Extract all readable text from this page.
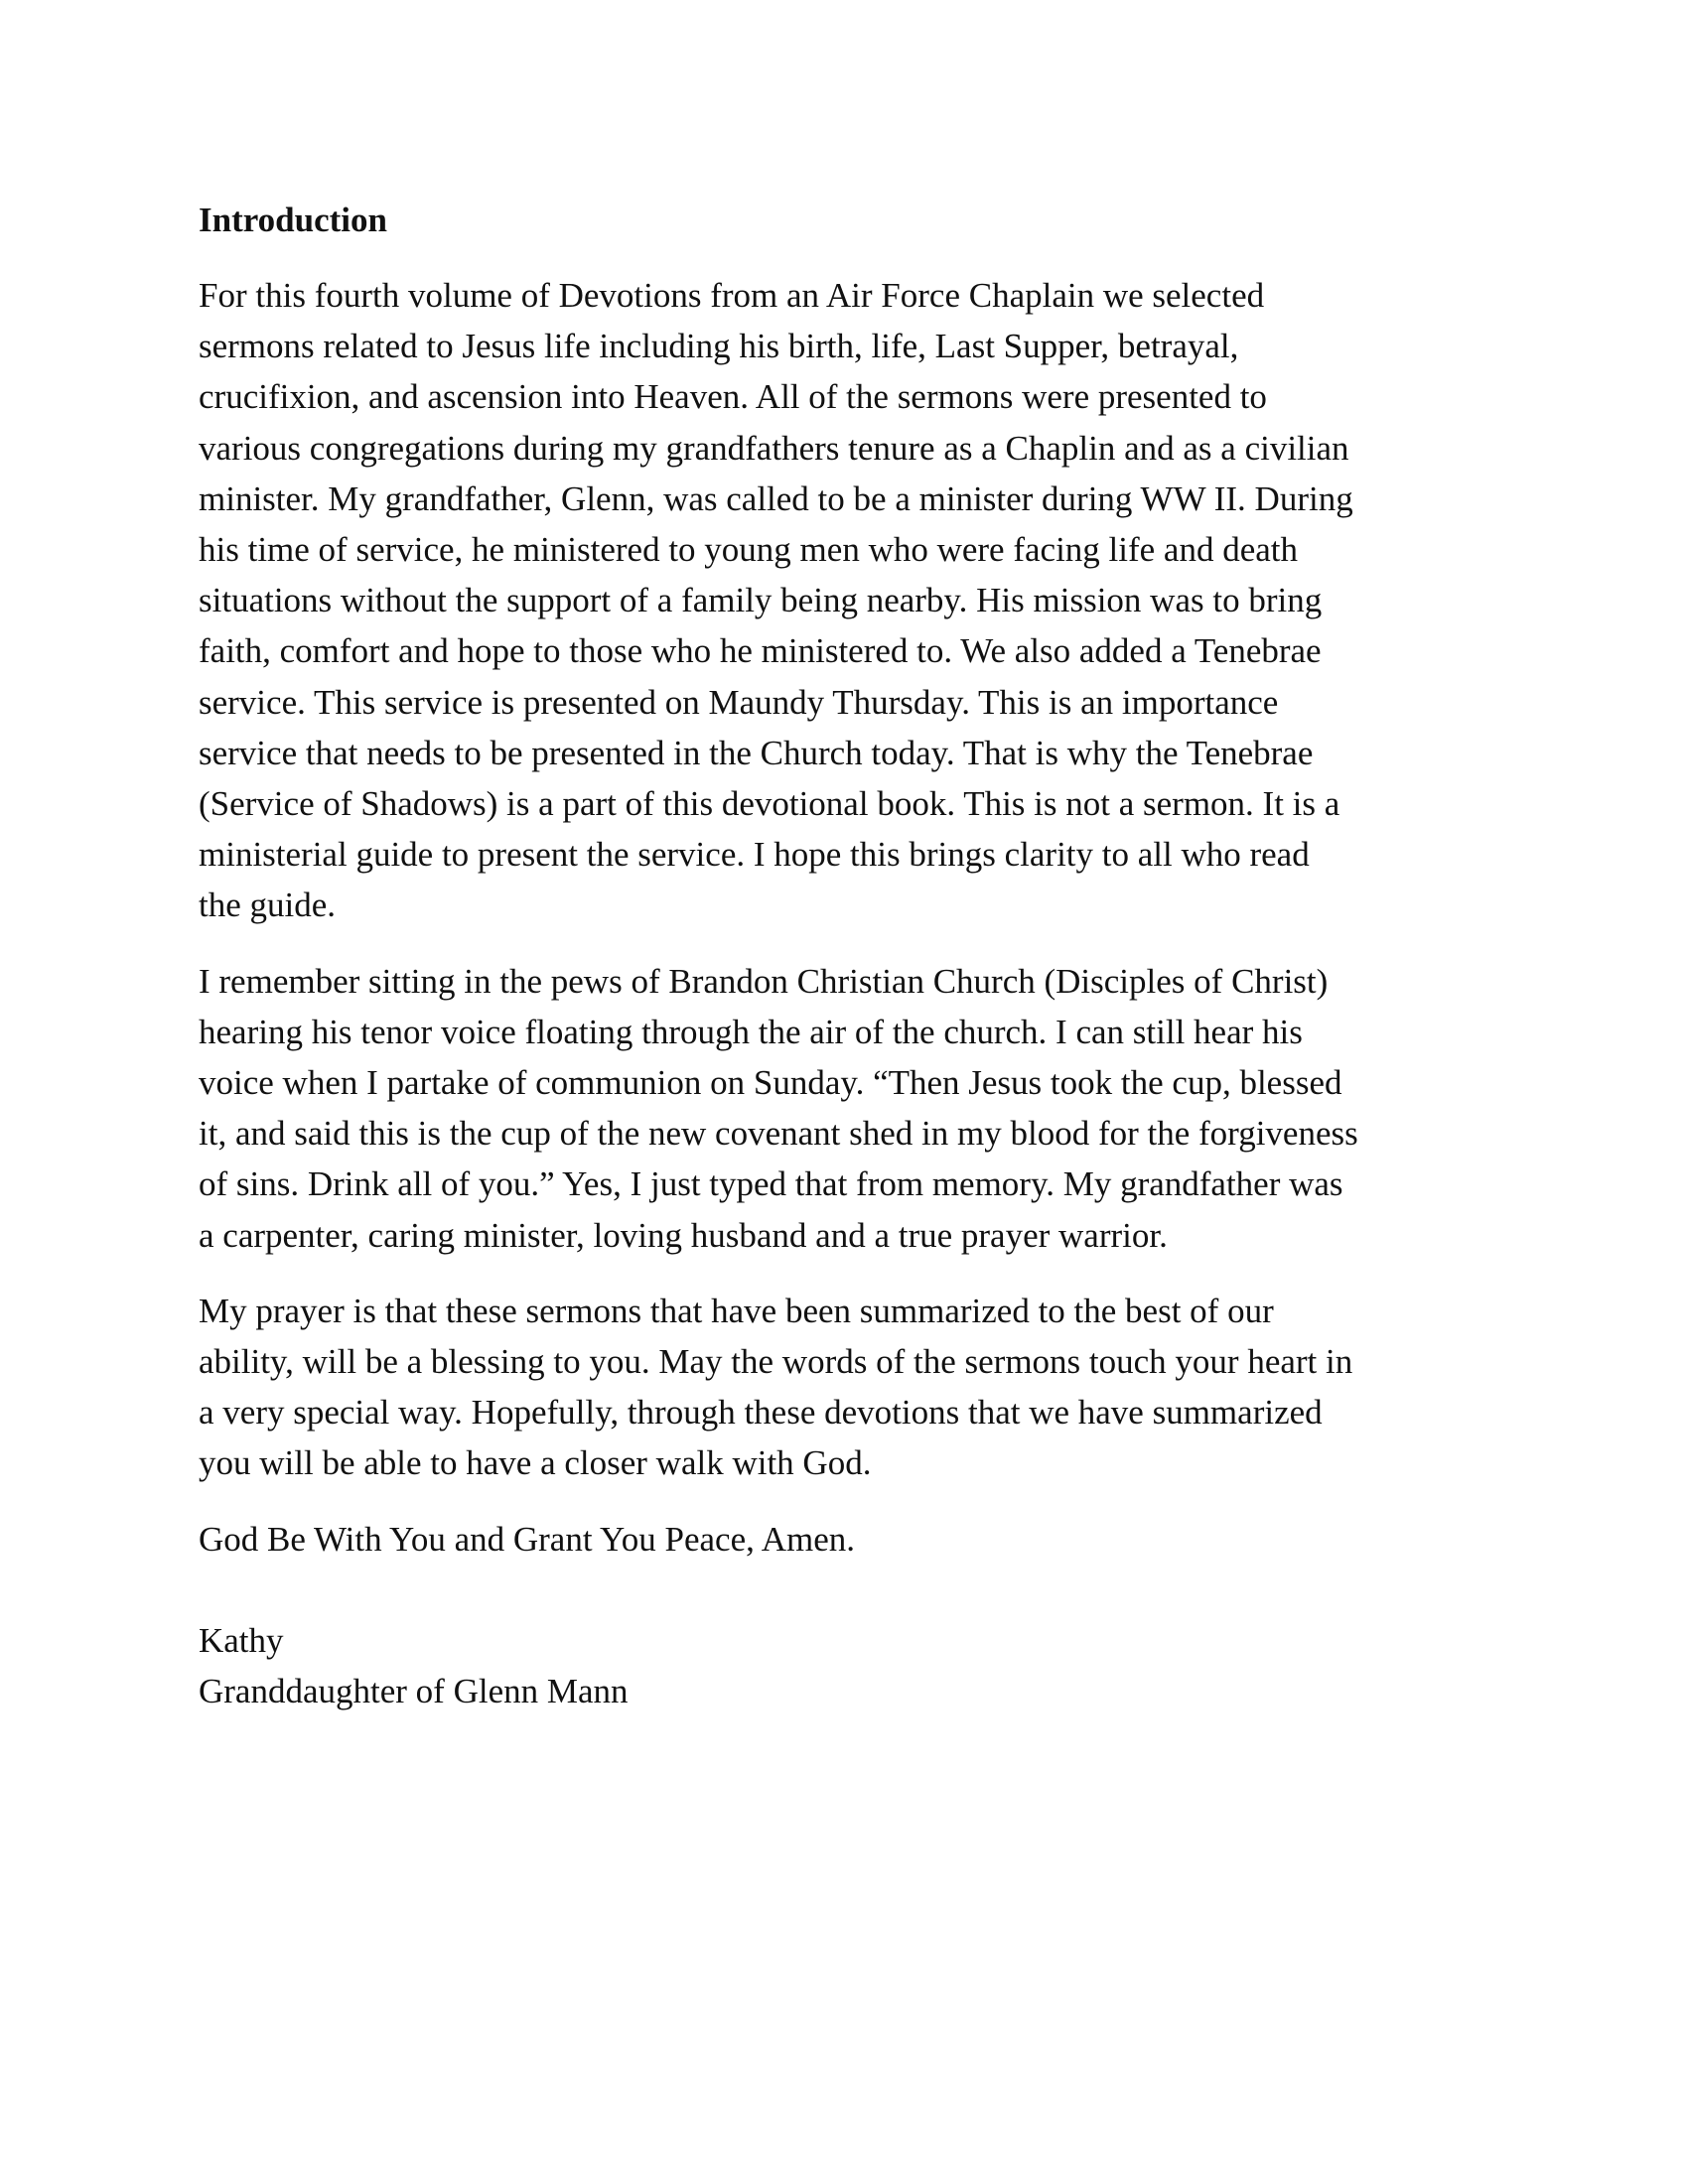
Introduction
For this fourth volume of Devotions from an Air Force Chaplain we selected
sermons related to Jesus life including his birth, life, Last Supper, betrayal,
crucifixion, and ascension into Heaven. All of the sermons were presented to
various congregations during my grandfathers tenure as a Chaplin and as a civilian
minister. My grandfather, Glenn, was called to be a minister during WW II. During
his time of service, he ministered to young men who were facing life and death
situations without the support of a family being nearby. His mission was to bring
faith, comfort and hope to those who he ministered to. We also added a Tenebrae
service. This service is presented on Maundy Thursday. This is an importance
service that needs to be presented in the Church today. That is why the Tenebrae
(Service of Shadows) is a part of this devotional book. This is not a sermon. It is a
ministerial guide to present the service. I hope this brings clarity to all who read
the guide.
I remember sitting in the pews of Brandon Christian Church (Disciples of Christ)
hearing his tenor voice floating through the air of the church. I can still hear his
voice when I partake of communion on Sunday. “Then Jesus took the cup, blessed
it, and said this is the cup of the new covenant shed in my blood for the forgiveness
of sins. Drink all of you.” Yes, I just typed that from memory. My grandfather was
a carpenter, caring minister, loving husband and a true prayer warrior.
My prayer is that these sermons that have been summarized to the best of our
ability, will be a blessing to you. May the words of the sermons touch your heart in
a very special way. Hopefully, through these devotions that we have summarized
you will be able to have a closer walk with God.
God Be With You and Grant You Peace, Amen.
Kathy
Granddaughter of Glenn Mann
